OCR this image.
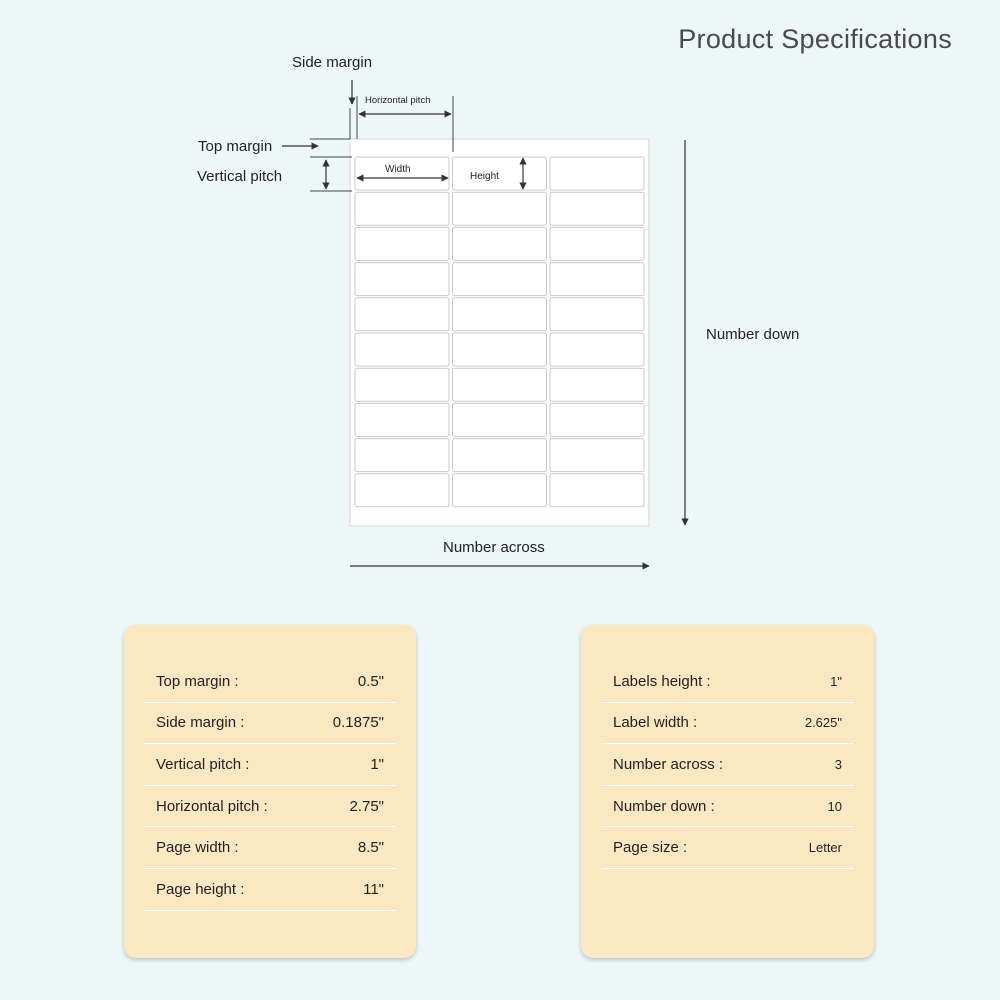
Product Specifications
Side margin
Horizontal pitch
Top margin
Vertical pitch	Width
Height
Number down
Number across
Top margin :	0.5"
Side margin :	0.1875"
Vertical pitch :	1"
Horizontal pitch :	2.75"
Page width :	8.5"
Page height :	11"
Labels height :	1"
Label width :	2.625"
Number across :	3
Number down :	10
Page size :	Letter
